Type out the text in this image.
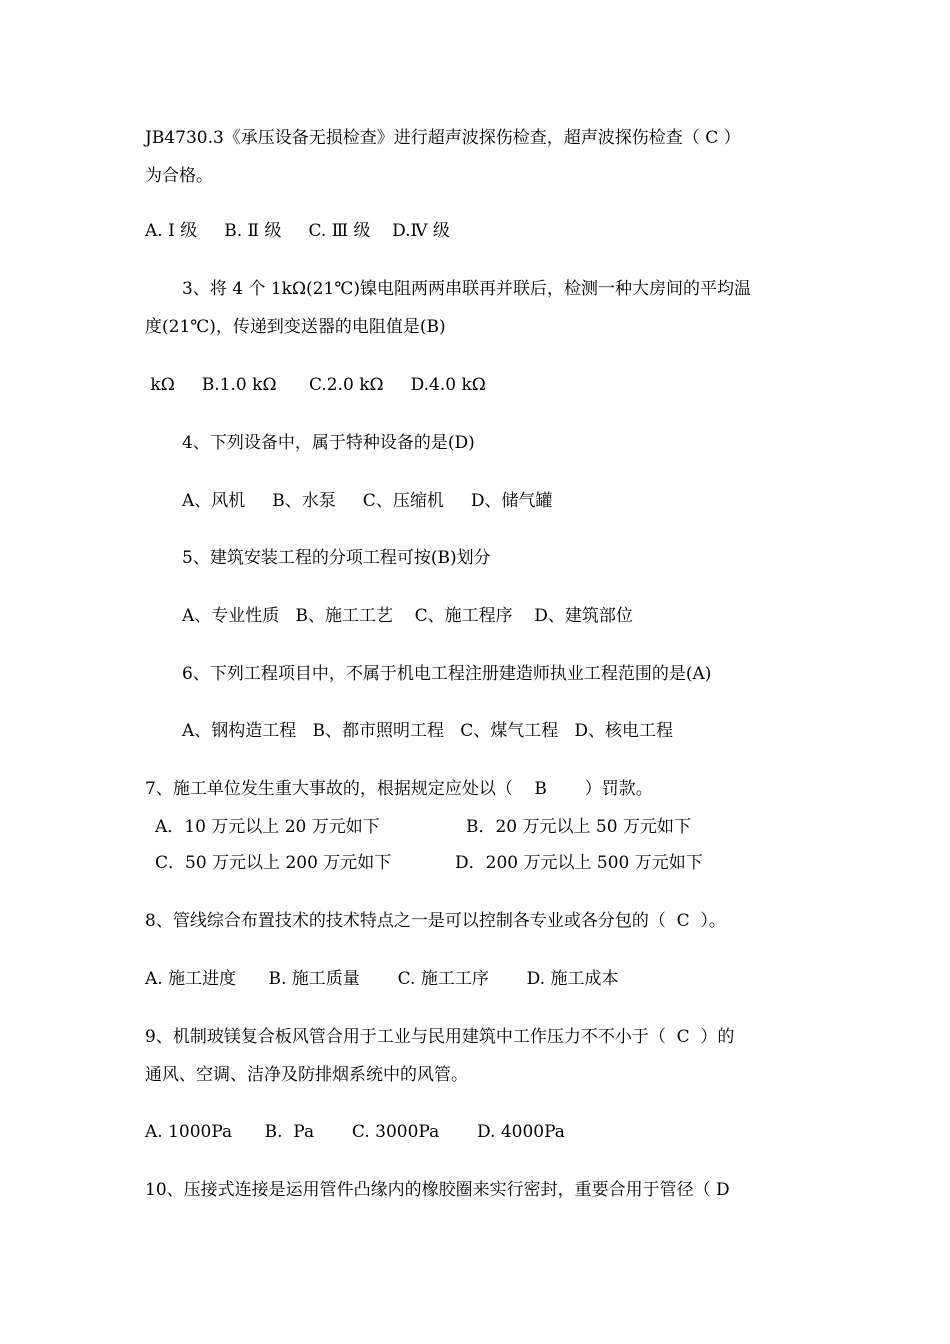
JB4730.3《承压设备无损检查》进行超声波探伤检查，超声波探伤检查（ C ）
为合格。
A. Ⅰ 级     B. Ⅱ 级     C. Ⅲ 级    D.Ⅳ 级
3、将 4 个 1kΩ(21℃)镍电阻两两串联再并联后，检测一种大房间的平均温
度(21℃)，传递到变送器的电阻值是(B)
kΩ     B.1.0 kΩ      C.2.0 kΩ     D.4.0 kΩ
4、下列设备中，属于特种设备的是(D)
A、风机     B、水泵     C、压缩机     D、储气罐
5、建筑安装工程的分项工程可按(B)划分
A、专业性质   B、施工工艺    C、施工程序    D、建筑部位
6、下列工程项目中，不属于机电工程注册建造师执业工程范围的是(A)
A、钢构造工程   B、都市照明工程   C、煤气工程   D、核电工程
7、施工单位发生重大事故的，根据规定应处以（    B       ）罚款。
A．10 万元以上 20 万元如下	B．20 万元以上 50 万元如下
C．50 万元以上 200 万元如下	D．200 万元以上 500 万元如下
8、管线综合布置技术的技术特点之一是可以控制各专业或各分包的（  C  ）。
A. 施工进度      B. 施工质量       C. 施工工序       D. 施工成本
9、机制玻镁复合板风管合用于工业与民用建筑中工作压力不不小于（  C  ）的
通风、空调、洁净及防排烟系统中的风管。
A. 1000Pa      B.  Pa       C. 3000Pa       D. 4000Pa
10、压接式连接是运用管件凸缘内的橡胶圈来实行密封，重要合用于管径（ D
